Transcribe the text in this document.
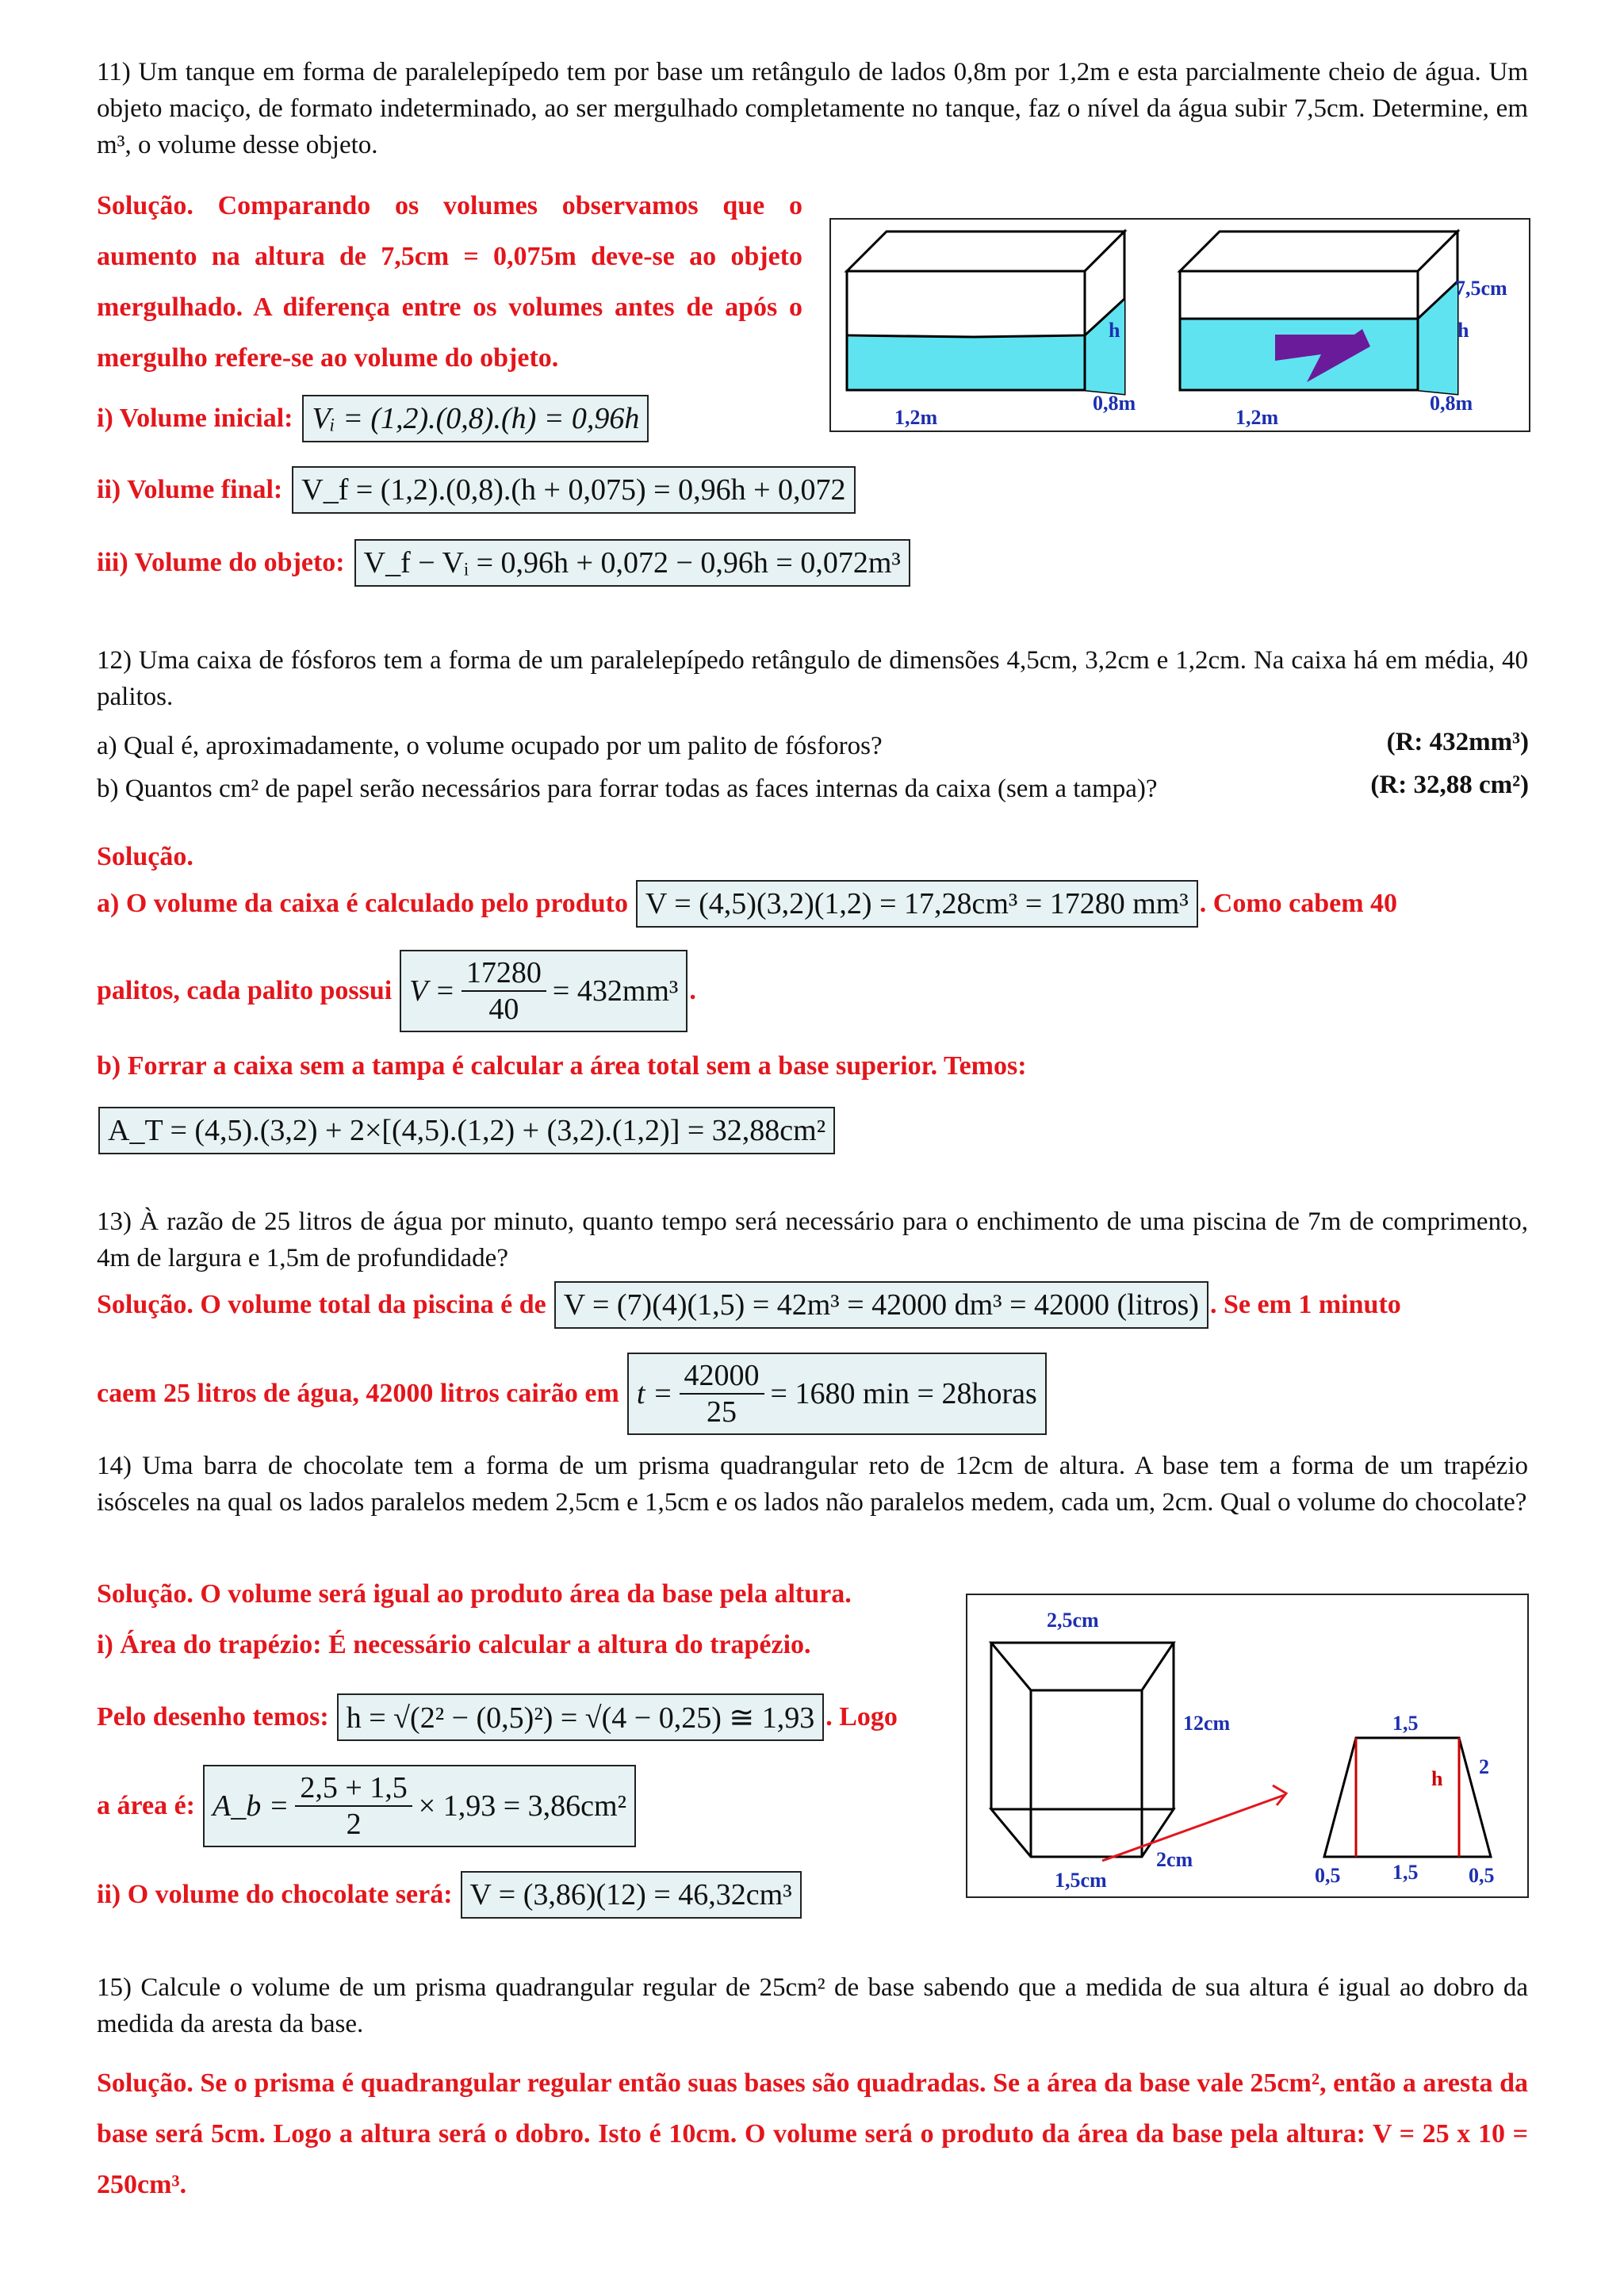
11) Um tanque em forma de paralelepípedo tem por base um retângulo de lados 0,8m por 1,2m e esta parcialmente cheio de água. Um objeto maciço, de formato indeterminado, ao ser mergulhado completamente no tanque, faz o nível da água subir 7,5cm. Determine, em m³, o volume desse objeto.
Solução. Comparando os volumes observamos que o aumento na altura de 7,5cm = 0,075m deve-se ao objeto mergulhado. A diferença entre os volumes antes de após o mergulho refere-se ao volume do objeto.
1,2m
0,8m
h
1,2m
0,8m
h
7,5cm
i) Volume inicial: Vᵢ = (1,2).(0,8).(h) = 0,96h
ii) Volume final: V_f = (1,2).(0,8).(h + 0,075) = 0,96h + 0,072
iii) Volume do objeto: V_f − Vᵢ = 0,96h + 0,072 − 0,96h = 0,072m³
12) Uma caixa de fósforos tem a forma de um paralelepípedo retângulo de dimensões 4,5cm, 3,2cm e 1,2cm. Na caixa há em média, 40 palitos.
a) Qual é, aproximadamente, o volume ocupado por um palito de fósforos?	(R: 432mm³)
b) Quantos cm² de papel serão necessários para forrar todas as faces internas da caixa (sem a tampa)?	(R: 32,88 cm²)
Solução.
a) O volume da caixa é calculado pelo produto V = (4,5)(3,2)(1,2) = 17,28cm³ = 17280 mm³ . Como cabem 40
palitos, cada palito possui $V = \frac{17280}{40} = 432mm^3$ .
b) Forrar a caixa sem a tampa é calcular a área total sem a base superior. Temos:
A_T = (4,5).(3,2) + 2×[(4,5).(1,2) + (3,2).(1,2)] = 32,88cm²
13) À razão de 25 litros de água por minuto, quanto tempo será necessário para o enchimento de uma piscina de 7m de comprimento, 4m de largura e 1,5m de profundidade?
Solução. O volume total da piscina é de V = (7)(4)(1,5) = 42m³ = 42000 dm³ = 42000 (litros) . Se em 1 minuto
caem 25 litros de água, 42000 litros cairão em $t = \frac{42000}{25} = 1680$ min = 28horas
14) Uma barra de chocolate tem a forma de um prisma quadrangular reto de 12cm de altura. A base tem a forma de um trapézio isósceles na qual os lados paralelos medem 2,5cm e 1,5cm e os lados não paralelos medem, cada um, 2cm. Qual o volume do chocolate?
Solução. O volume será igual ao produto área da base pela altura.
i) Área do trapézio: É necessário calcular a altura do trapézio.
Pelo desenho temos: h = √(2² − (0,5)²) = √(4 − 0,25) ≅ 1,93 . Logo
a área é: A_b = $\frac{2,5 + 1,5}{2} \times 1,93 = 3,86cm^2$
ii) O volume do chocolate será: V = (3,86)(12) = 46,32cm³
2,5cm
12cm
1,5cm
2cm
1,5
2
h
0,5	1,5 0,5
15) Calcule o volume de um prisma quadrangular regular de 25cm² de base sabendo que a medida de sua altura é igual ao dobro da medida da aresta da base.
Solução. Se o prisma é quadrangular regular então suas bases são quadradas. Se a área da base vale 25cm², então a aresta da base será 5cm. Logo a altura será o dobro. Isto é 10cm. O volume será o produto da área da base pela altura: V = 25 x 10 = 250cm³.
